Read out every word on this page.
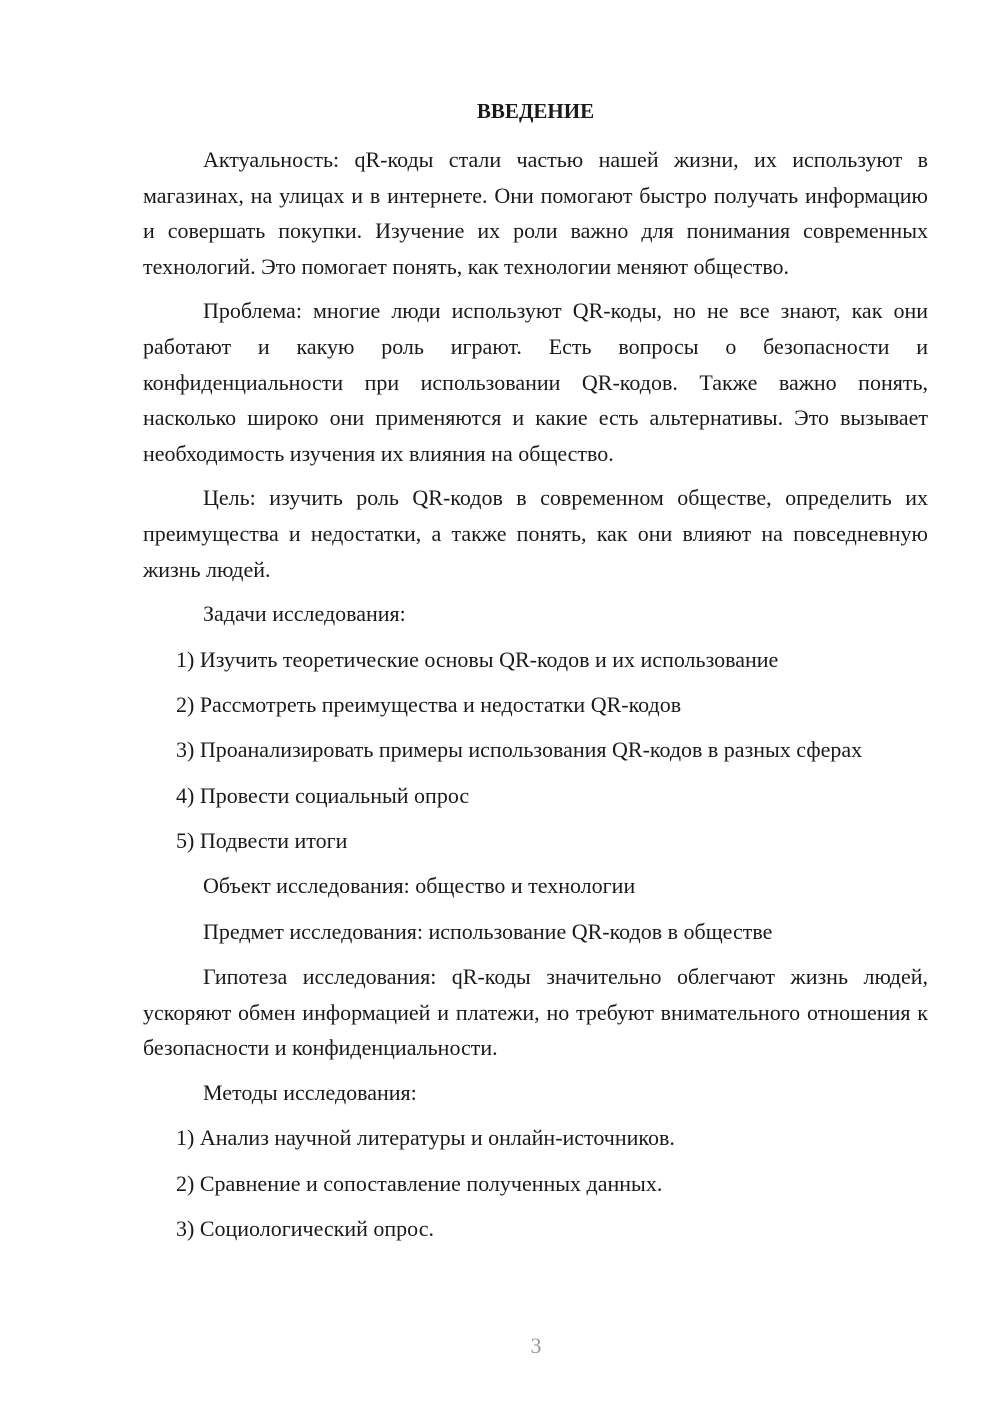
ВВЕДЕНИЕ

Актуальность: qR-коды стали частью нашей жизни, их используют в магазинах, на улицах и в интернете. Они помогают быстро получать информацию и совершать покупки. Изучение их роли важно для понимания современных технологий. Это помогает понять, как технологии меняют общество.

Проблема: многие люди используют QR-коды, но не все знают, как они работают и какую роль играют. Есть вопросы о безопасности и конфиденциальности при использовании QR-кодов. Также важно понять, насколько широко они применяются и какие есть альтернативы. Это вызывает необходимость изучения их влияния на общество.

Цель: изучить роль QR-кодов в современном обществе, определить их преимущества и недостатки, а также понять, как они влияют на повседневную жизнь людей.

Задачи исследования:

1) Изучить теоретические основы QR-кодов и их использование

2) Рассмотреть преимущества и недостатки QR-кодов

3) Проанализировать примеры использования QR-кодов в разных сферах

4) Провести социальный опрос

5) Подвести итоги

Объект исследования: общество и технологии

Предмет исследования: использование QR-кодов в обществе

Гипотеза исследования: qR-коды значительно облегчают жизнь людей, ускоряют обмен информацией и платежи, но требуют внимательного отношения к безопасности и конфиденциальности.

Методы исследования:

1) Анализ научной литературы и онлайн-источников.

2) Сравнение и сопоставление полученных данных.

3) Социологический опрос.

3
